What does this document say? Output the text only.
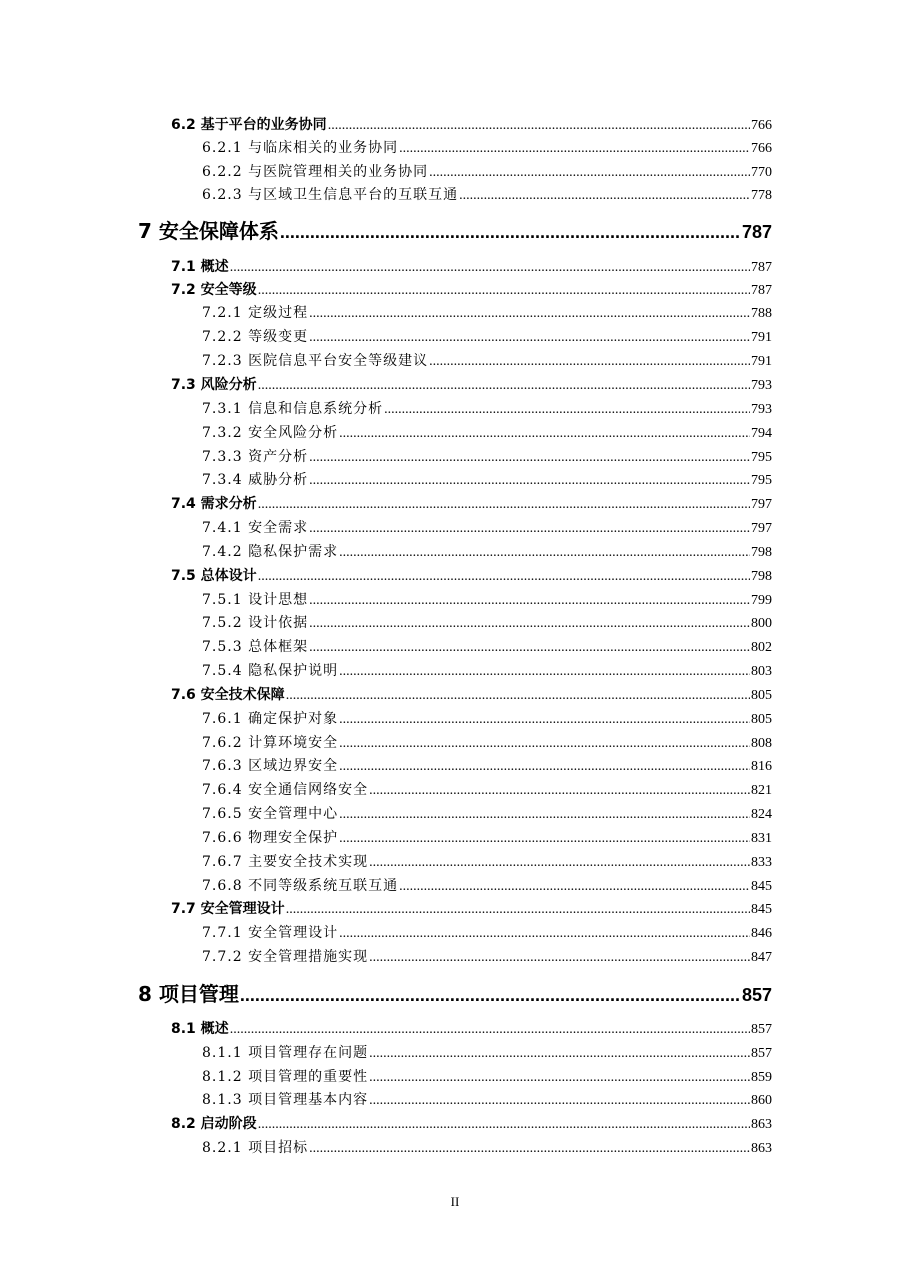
6.2 基于平台的业务协同 .....	766
6.2.1 与临床相关的业务协同 .....	766
6.2.2 与医院管理相关的业务协同 .....	770
6.2.3 与区域卫生信息平台的互联互通 .....	778
7 安全保障体系 .....	787
7.1 概述 .....	787
7.2 安全等级 .....	787
7.2.1 定级过程 .....	788
7.2.2 等级变更 .....	791
7.2.3 医院信息平台安全等级建议 .....	791
7.3 风险分析 .....	793
7.3.1 信息和信息系统分析 .....	793
7.3.2 安全风险分析 .....	794
7.3.3 资产分析 .....	795
7.3.4 威胁分析 .....	795
7.4 需求分析 .....	797
7.4.1 安全需求 .....	797
7.4.2 隐私保护需求 .....	798
7.5 总体设计 .....	798
7.5.1 设计思想 .....	799
7.5.2 设计依据 .....	800
7.5.3 总体框架 .....	802
7.5.4 隐私保护说明 .....	803
7.6 安全技术保障 .....	805
7.6.1 确定保护对象 .....	805
7.6.2 计算环境安全 .....	808
7.6.3 区域边界安全 .....	816
7.6.4 安全通信网络安全 .....	821
7.6.5 安全管理中心 .....	824
7.6.6 物理安全保护 .....	831
7.6.7 主要安全技术实现 .....	833
7.6.8 不同等级系统互联互通 .....	845
7.7 安全管理设计 .....	845
7.7.1 安全管理设计 .....	846
7.7.2 安全管理措施实现 .....	847
8 项目管理 .....	857
8.1 概述 .....	857
8.1.1 项目管理存在问题 .....	857
8.1.2 项目管理的重要性 .....	859
8.1.3 项目管理基本内容 .....	860
8.2 启动阶段 .....	863
8.2.1 项目招标 .....	863
II
